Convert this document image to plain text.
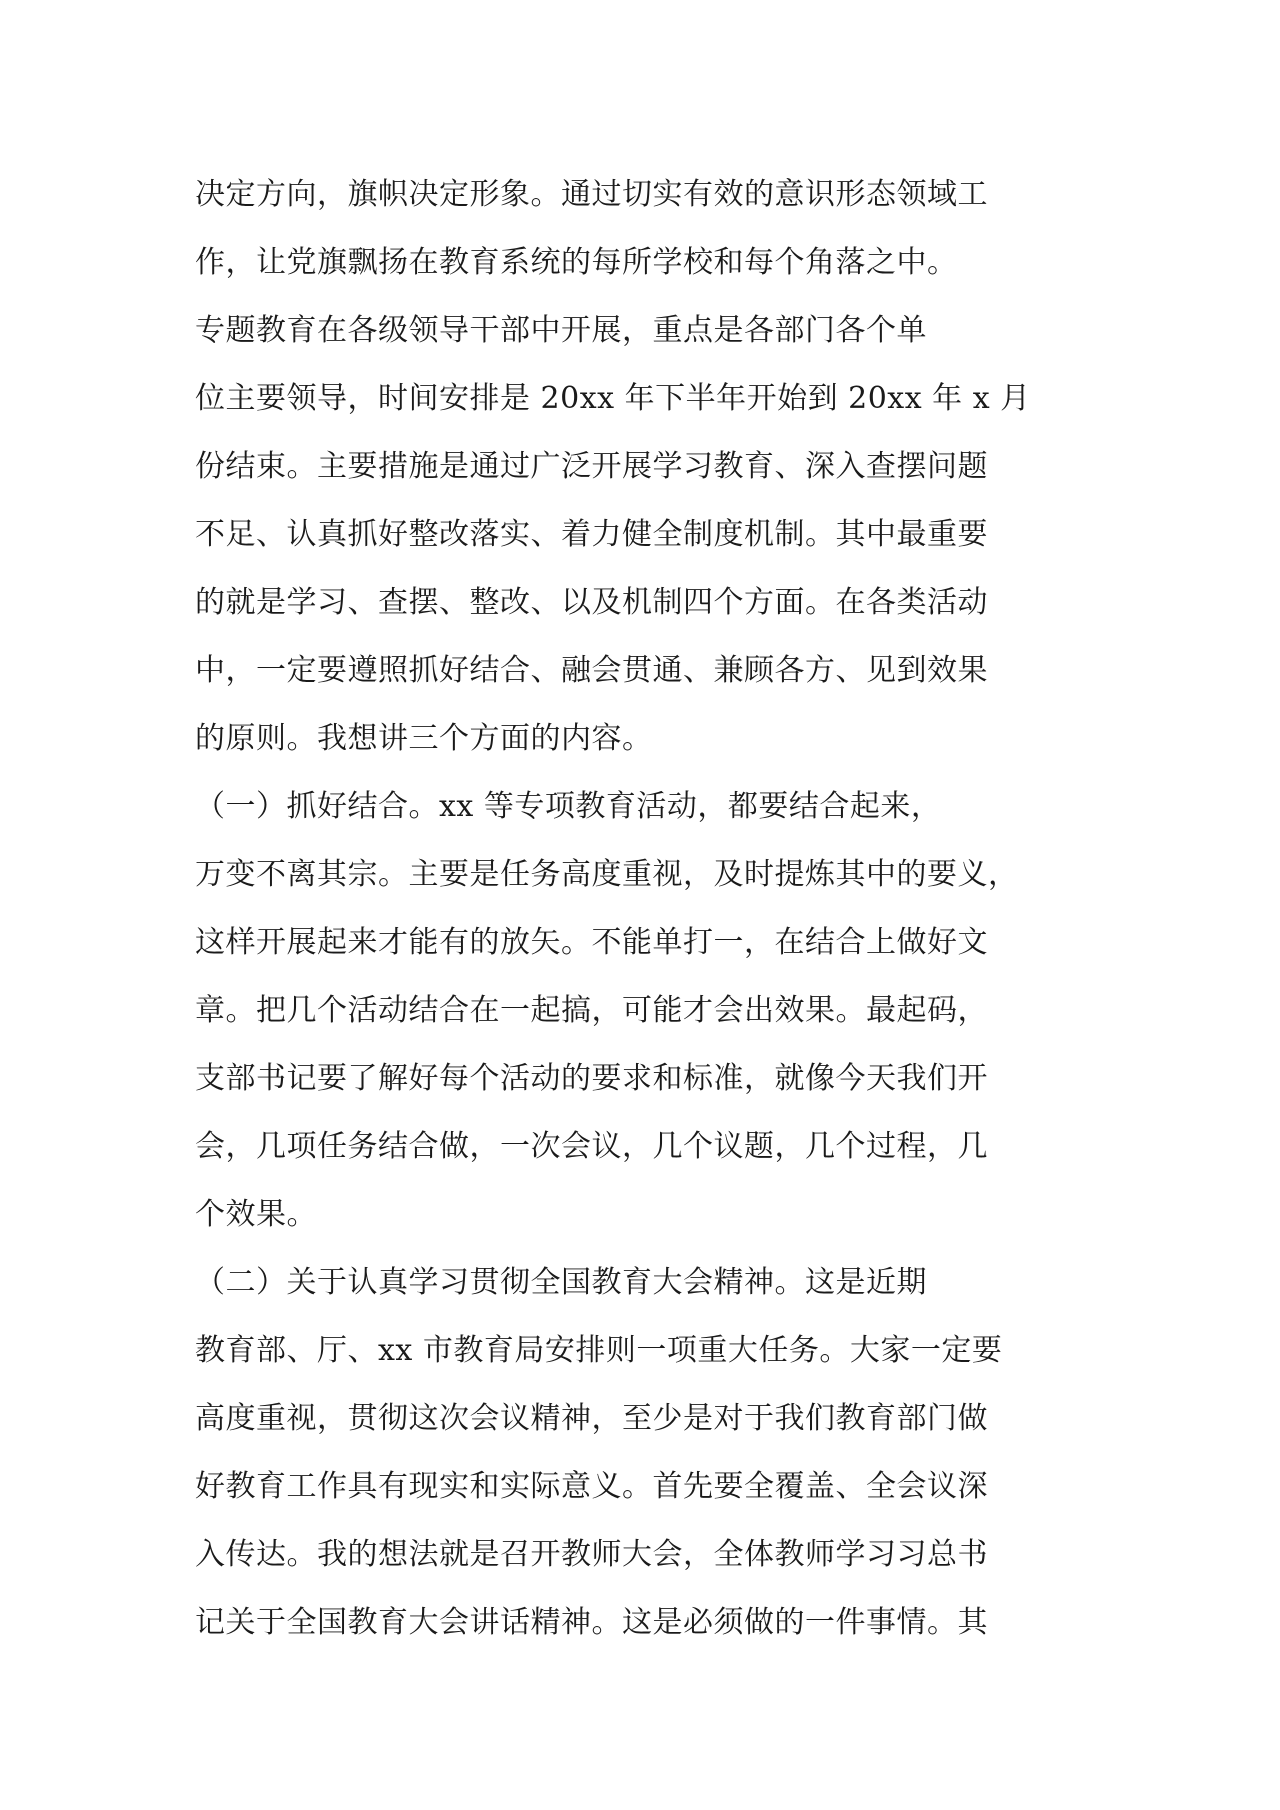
决定方向，旗帜决定形象。通过切实有效的意识形态领域工
作，让党旗飘扬在教育系统的每所学校和每个角落之中。
专题教育在各级领导干部中开展，重点是各部门各个单
位主要领导，时间安排是 20xx 年下半年开始到 20xx 年 x 月
份结束。主要措施是通过广泛开展学习教育、深入查摆问题
不足、认真抓好整改落实、着力健全制度机制。其中最重要
的就是学习、查摆、整改、以及机制四个方面。在各类活动
中，一定要遵照抓好结合、融会贯通、兼顾各方、见到效果
的原则。我想讲三个方面的内容。
（一）抓好结合。xx 等专项教育活动，都要结合起来，
万变不离其宗。主要是任务高度重视，及时提炼其中的要义，
这样开展起来才能有的放矢。不能单打一，在结合上做好文
章。把几个活动结合在一起搞，可能才会出效果。最起码，
支部书记要了解好每个活动的要求和标准，就像今天我们开
会，几项任务结合做，一次会议，几个议题，几个过程，几
个效果。
（二）关于认真学习贯彻全国教育大会精神。这是近期
教育部、厅、xx 市教育局安排则一项重大任务。大家一定要
高度重视，贯彻这次会议精神，至少是对于我们教育部门做
好教育工作具有现实和实际意义。首先要全覆盖、全会议深
入传达。我的想法就是召开教师大会，全体教师学习习总书
记关于全国教育大会讲话精神。这是必须做的一件事情。其
